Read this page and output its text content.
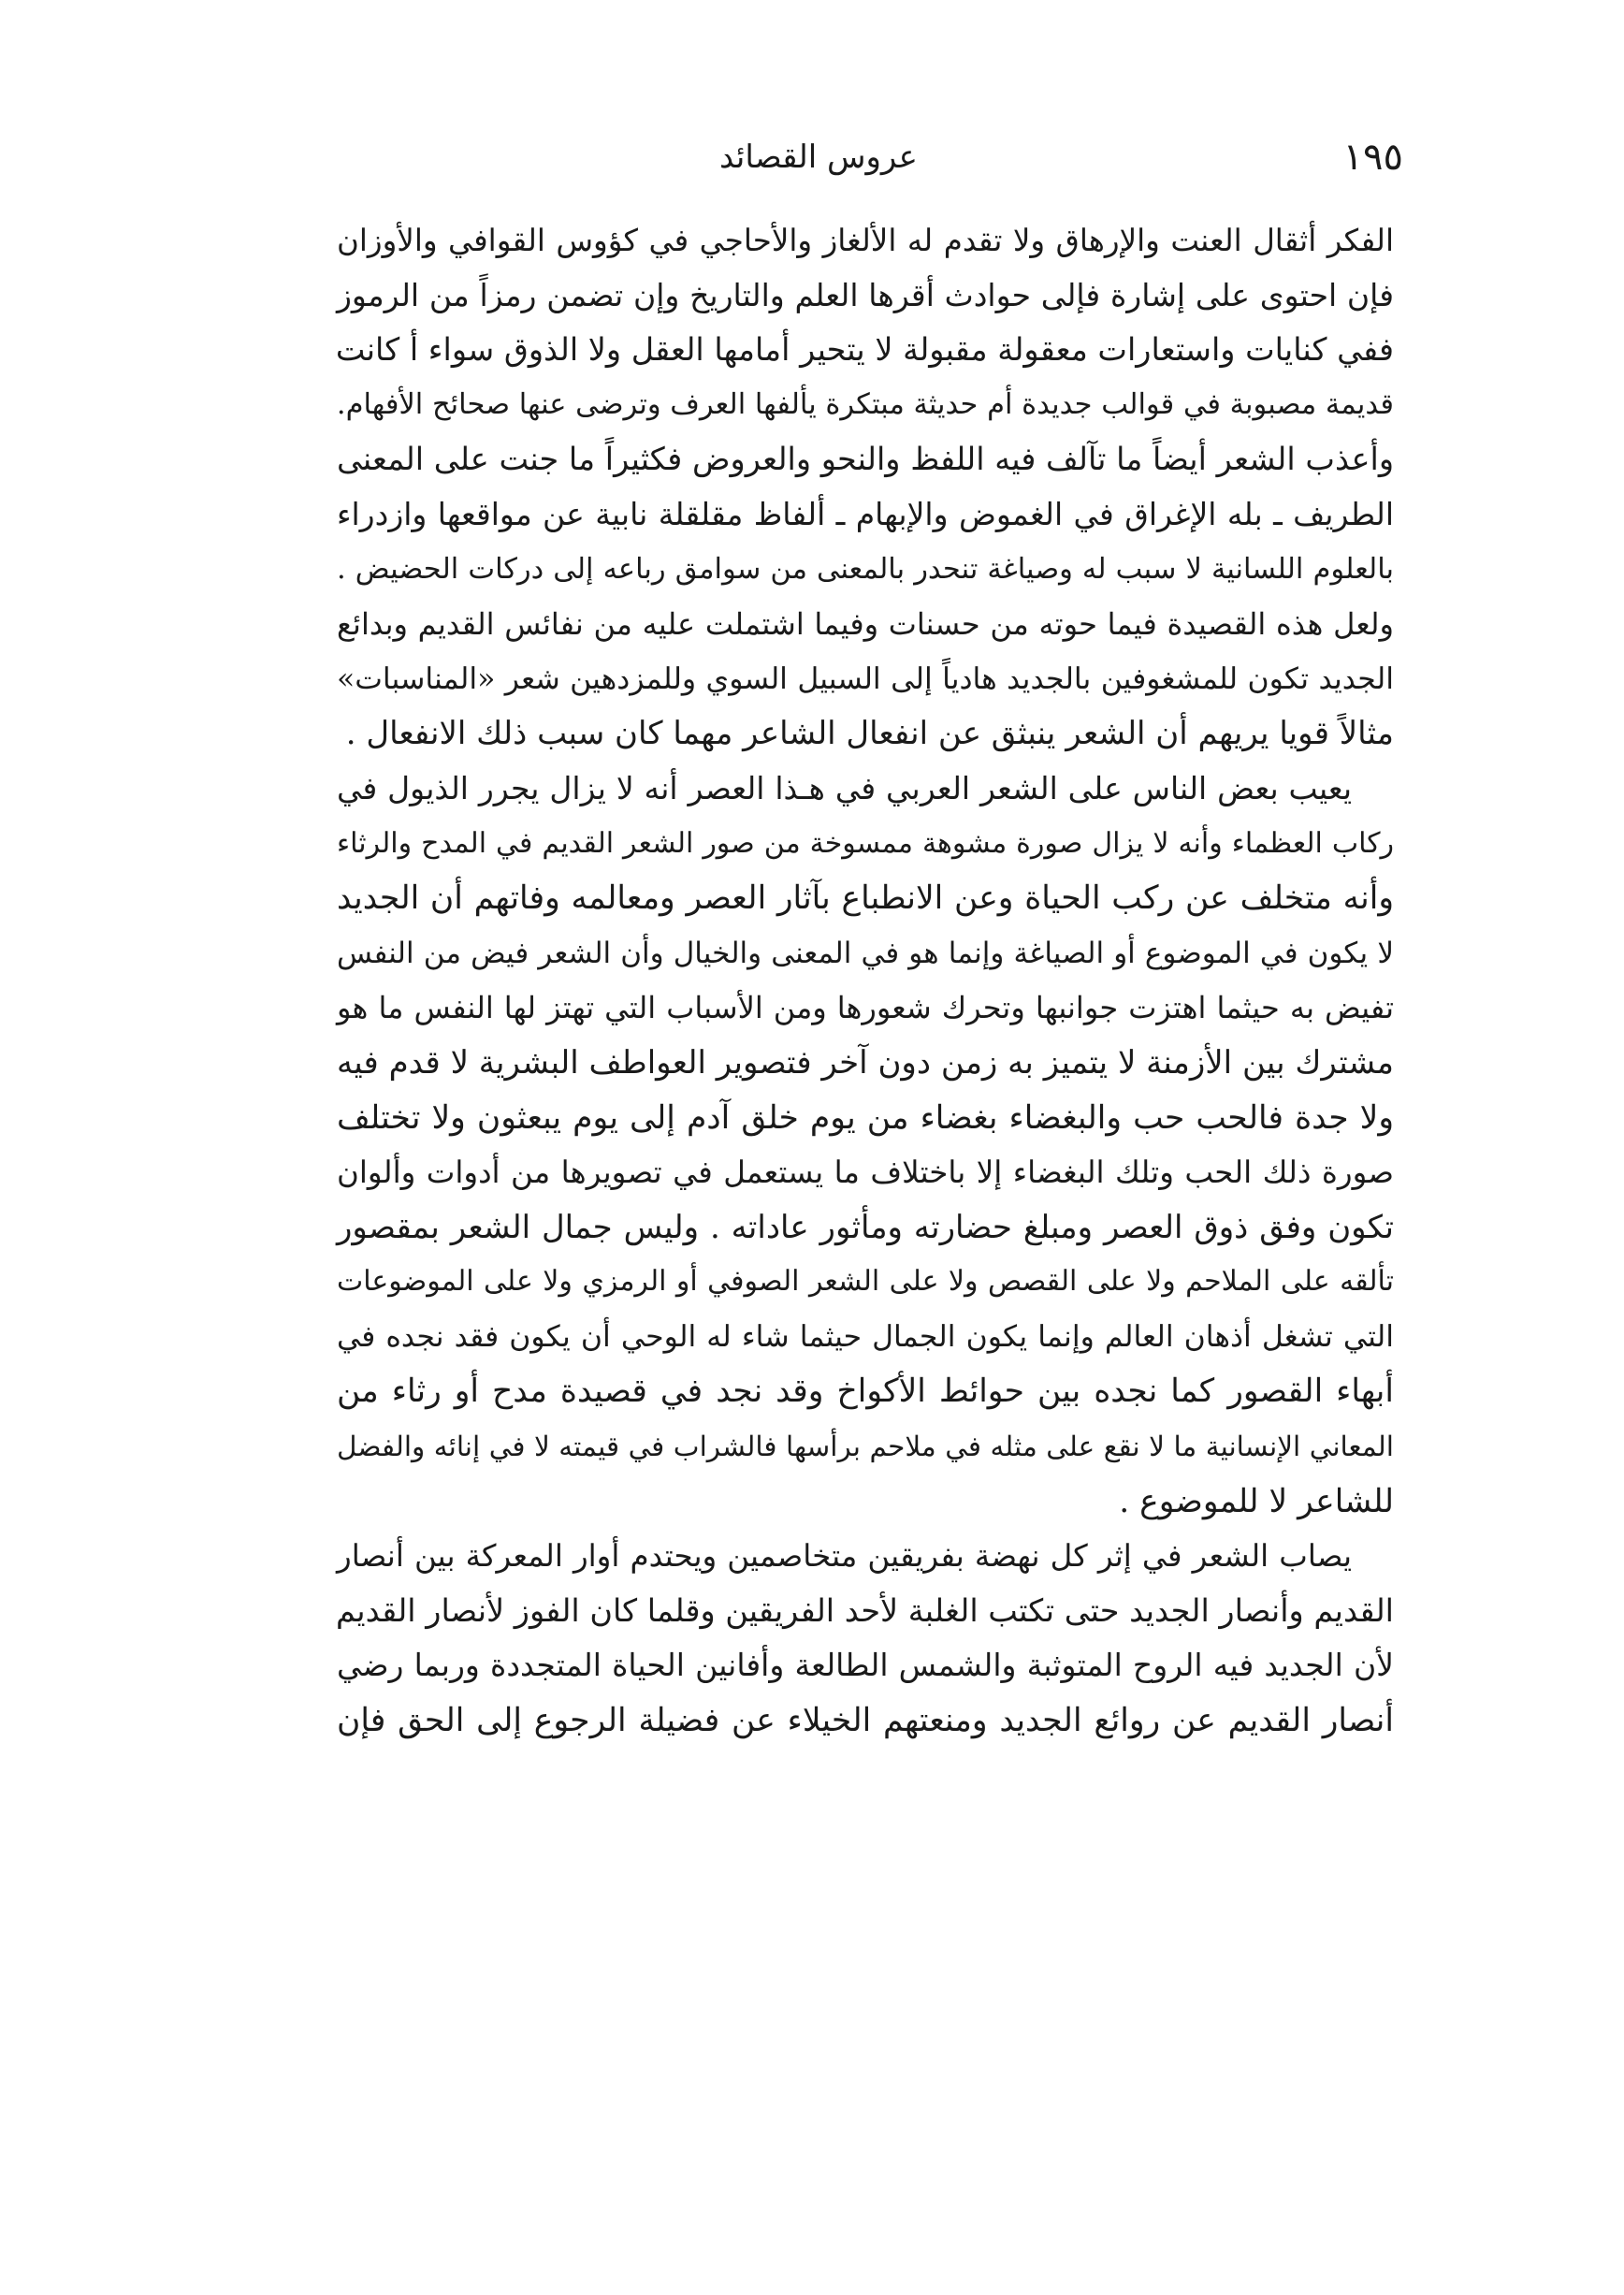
١٩٥
عروس القصائد
الفكر أثقال العنت والإرهاق ولا تقدم له الألغاز والأحاجي في كؤوس القوافي والأوزان
فإن احتوى على إشارة فإلى حوادث أقرها العلم والتاريخ وإن تضمن رمزاً من الرموز
ففي كنايات واستعارات معقولة مقبولة لا يتحير أمامها العقل ولا الذوق سواء أ كانت
قديمة مصبوبة في قوالب جديدة أم حديثة مبتكرة يألفها العرف وترضى عنها صحائح الأفهام.
وأعذب الشعر أيضاً ما تآلف فيه اللفظ والنحو والعروض فكثيراً ما جنت على المعنى
الطريف ـ بله الإغراق في الغموض والإبهام ـ ألفاظ مقلقلة نابية عن مواقعها وازدراء
بالعلوم اللسانية لا سبب له وصياغة تنحدر بالمعنى من سوامق رباعه إلى دركات الحضيض .
ولعل هذه القصيدة فيما حوته من حسنات وفيما اشتملت عليه من نفائس القديم وبدائع
الجديد تكون للمشغوفين بالجديد هادياً إلى السبيل السوي وللمزدهين شعر «المناسبات»
مثالاً قويا يريهم أن الشعر ينبثق عن انفعال الشاعر مهما كان سبب ذلك الانفعال .
يعيب بعض الناس على الشعر العربي في هـذا العصر أنه لا يزال يجرر الذيول في
ركاب العظماء وأنه لا يزال صورة مشوهة ممسوخة من صور الشعر القديم في المدح والرثاء
وأنه متخلف عن ركب الحياة وعن الانطباع بآثار العصر ومعالمه وفاتهم أن الجديد
لا يكون في الموضوع أو الصياغة وإنما هو في المعنى والخيال وأن الشعر فيض من النفس
تفيض به حيثما اهتزت جوانبها وتحرك شعورها ومن الأسباب التي تهتز لها النفس ما هو
مشترك بين الأزمنة لا يتميز به زمن دون آخر فتصوير العواطف البشرية لا قدم فيه
ولا جدة فالحب حب والبغضاء بغضاء من يوم خلق آدم إلى يوم يبعثون ولا تختلف
صورة ذلك الحب وتلك البغضاء إلا باختلاف ما يستعمل في تصويرها من أدوات وألوان
تكون وفق ذوق العصر ومبلغ حضارته ومأثور عاداته . وليس جمال الشعر بمقصور
تألقه على الملاحم ولا على القصص ولا على الشعر الصوفي أو الرمزي ولا على الموضوعات
التي تشغل أذهان العالم وإنما يكون الجمال حيثما شاء له الوحي أن يكون فقد نجده في
أبهاء القصور كما نجده بين حوائط الأكواخ وقد نجد في قصيدة مدح أو رثاء من
المعاني الإنسانية ما لا نقع على مثله في ملاحم برأسها فالشراب في قيمته لا في إنائه والفضل
للشاعر لا للموضوع .
يصاب الشعر في إثر كل نهضة بفريقين متخاصمين ويحتدم أوار المعركة بين أنصار
القديم وأنصار الجديد حتى تكتب الغلبة لأحد الفريقين وقلما كان الفوز لأنصار القديم
لأن الجديد فيه الروح المتوثبة والشمس الطالعة وأفانين الحياة المتجددة وربما رضي
أنصار القديم عن روائع الجديد ومنعتهم الخيلاء عن فضيلة الرجوع إلى الحق فإن
